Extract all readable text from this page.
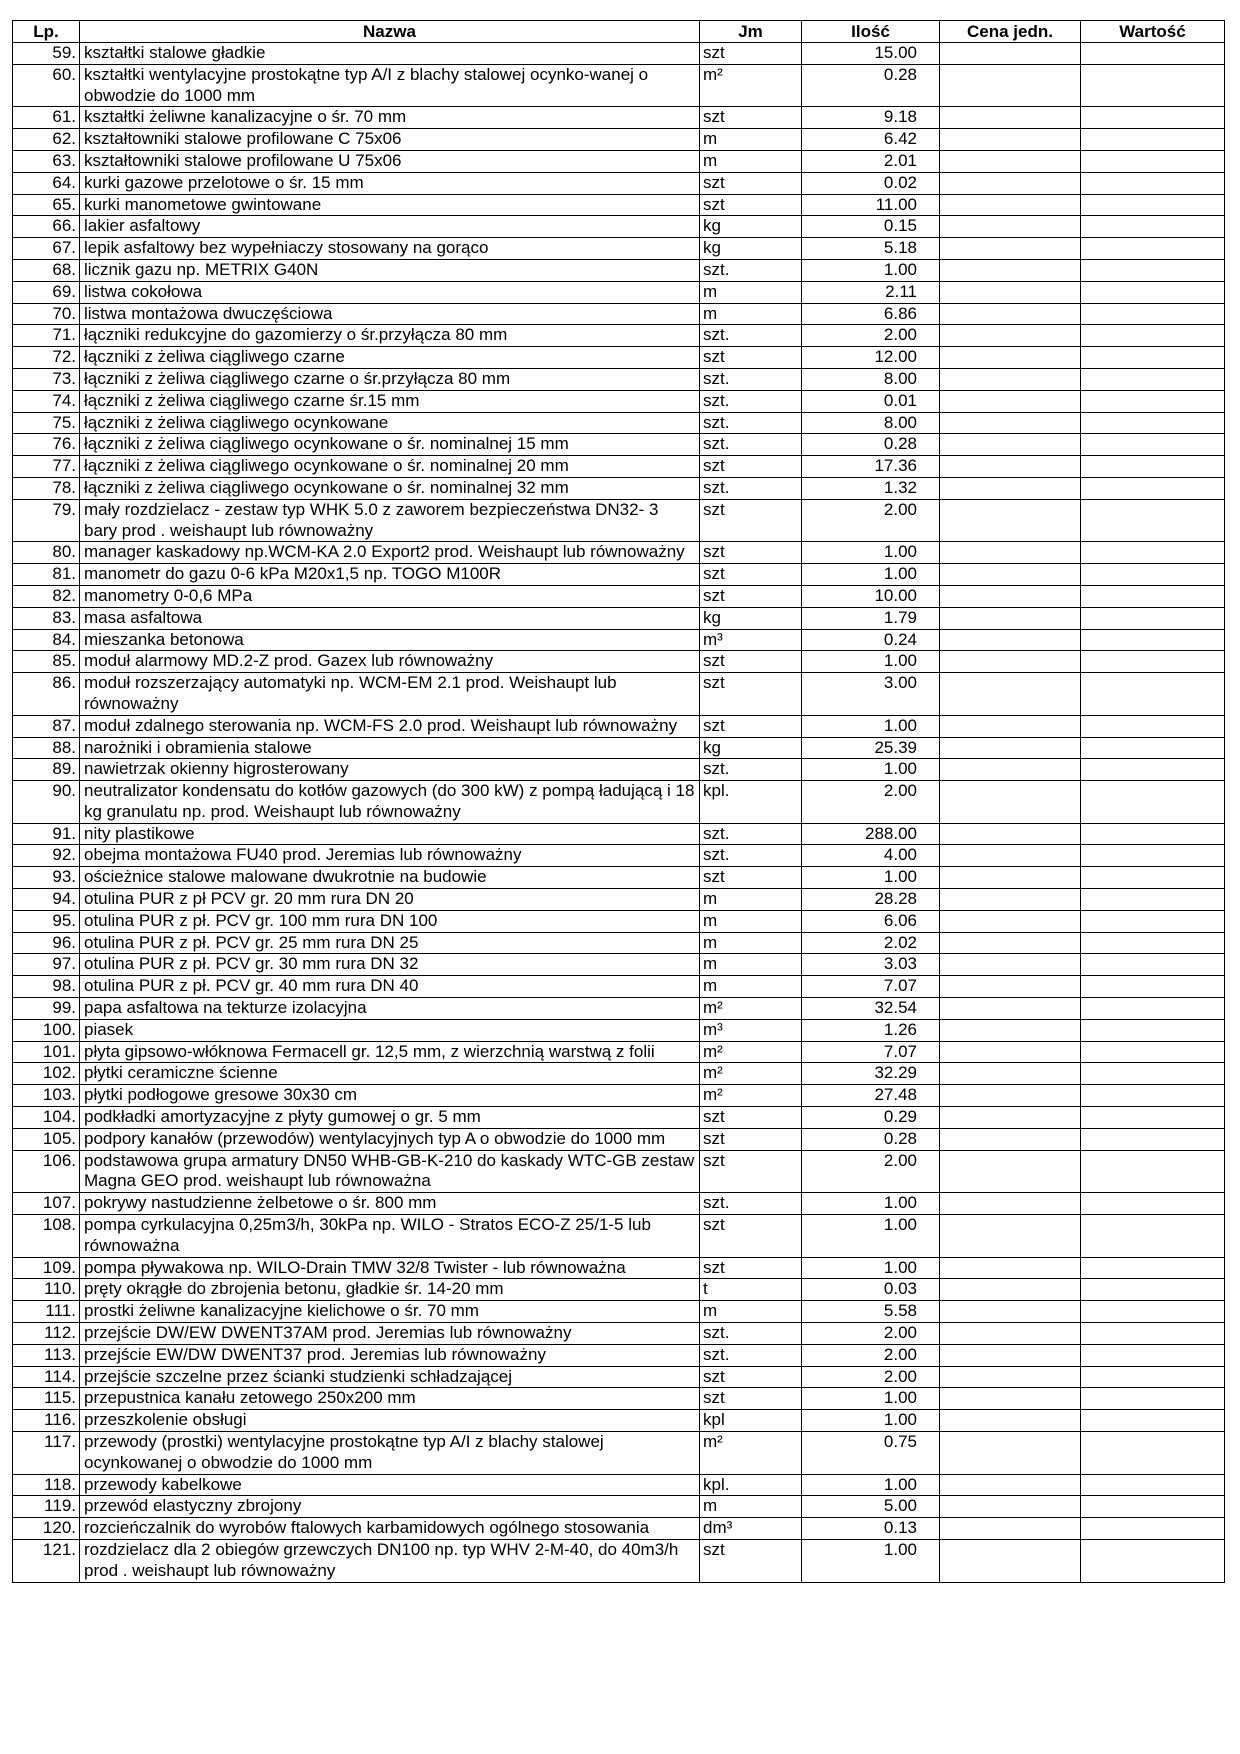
Lp.	Nazwa	Jm	Ilość	Cena jedn.	Wartość
59.	kształtki stalowe gładkie	szt	15.00		
60.	kształtki wentylacyjne prostokątne typ A/I z blachy stalowej ocynko-wanej o obwodzie do 1000 mm	m²	0.28		
61.	kształtki żeliwne kanalizacyjne o śr. 70 mm	szt	9.18		
62.	kształtowniki stalowe profilowane C 75x06	m	6.42		
63.	kształtowniki stalowe profilowane U 75x06	m	2.01		
64.	kurki gazowe przelotowe o śr. 15 mm	szt	0.02		
65.	kurki manometowe gwintowane	szt	11.00		
66.	lakier asfaltowy	kg	0.15		
67.	lepik asfaltowy bez wypełniaczy stosowany na gorąco	kg	5.18		
68.	licznik gazu np. METRIX G40N	szt.	1.00		
69.	listwa cokołowa	m	2.11		
70.	listwa montażowa dwuczęściowa	m	6.86		
71.	łączniki redukcyjne do gazomierzy o śr.przyłącza 80 mm	szt.	2.00		
72.	łączniki z żeliwa ciągliwego czarne	szt	12.00		
73.	łączniki z żeliwa ciągliwego czarne o śr.przyłącza 80 mm	szt.	8.00		
74.	łączniki z żeliwa ciągliwego czarne śr.15 mm	szt.	0.01		
75.	łączniki z żeliwa ciągliwego ocynkowane	szt.	8.00		
76.	łączniki z żeliwa ciągliwego ocynkowane o śr. nominalnej 15 mm	szt.	0.28		
77.	łączniki z żeliwa ciągliwego ocynkowane o śr. nominalnej 20 mm	szt	17.36		
78.	łączniki z żeliwa ciągliwego ocynkowane o śr. nominalnej 32 mm	szt.	1.32		
79.	mały rozdzielacz - zestaw typ WHK 5.0 z zaworem bezpieczeństwa DN32- 3 bary prod . weishaupt lub równoważny	szt	2.00		
80.	manager kaskadowy np.WCM-KA 2.0 Export2 prod. Weishaupt lub równoważny	szt	1.00		
81.	manometr do gazu 0-6 kPa M20x1,5 np. TOGO M100R	szt	1.00		
82.	manometry 0-0,6 MPa	szt	10.00		
83.	masa asfaltowa	kg	1.79		
84.	mieszanka betonowa	m³	0.24		
85.	moduł alarmowy MD.2-Z prod. Gazex lub równoważny	szt	1.00		
86.	moduł rozszerzający automatyki np. WCM-EM 2.1 prod. Weishaupt lub równoważny	szt	3.00		
87.	moduł zdalnego sterowania np. WCM-FS 2.0 prod. Weishaupt lub równoważny	szt	1.00		
88.	narożniki i obramienia stalowe	kg	25.39		
89.	nawietrzak okienny higrosterowany	szt.	1.00		
90.	neutralizator kondensatu do kotłów gazowych (do 300 kW) z pompą ładującą i 18 kg granulatu np. prod. Weishaupt lub równoważny	kpl.	2.00		
91.	nity plastikowe	szt.	288.00		
92.	obejma montażowa FU40 prod. Jeremias lub równoważny	szt.	4.00		
93.	ościeżnice stalowe malowane dwukrotnie na budowie	szt	1.00		
94.	otulina PUR z pł PCV gr. 20 mm rura DN 20	m	28.28		
95.	otulina PUR z pł. PCV gr. 100 mm rura DN 100	m	6.06		
96.	otulina PUR z pł. PCV gr. 25 mm rura DN 25	m	2.02		
97.	otulina PUR z pł. PCV gr. 30 mm rura DN 32	m	3.03		
98.	otulina PUR z pł. PCV gr. 40 mm rura DN 40	m	7.07		
99.	papa asfaltowa na tekturze izolacyjna	m²	32.54		
100.	piasek	m³	1.26		
101.	płyta gipsowo-włóknowa Fermacell gr. 12,5 mm, z wierzchnią warstwą z folii	m²	7.07		
102.	płytki ceramiczne ścienne	m²	32.29		
103.	płytki podłogowe gresowe 30x30 cm	m²	27.48		
104.	podkładki amortyzacyjne z płyty gumowej o gr. 5 mm	szt	0.29		
105.	podpory kanałów (przewodów) wentylacyjnych typ A o obwodzie do 1000 mm	szt	0.28		
106.	podstawowa grupa armatury DN50 WHB-GB-K-210 do kaskady WTC-GB zestaw Magna GEO prod. weishaupt lub równoważna	szt	2.00		
107.	pokrywy nastudzienne żelbetowe o śr. 800 mm	szt.	1.00		
108.	pompa cyrkulacyjna 0,25m3/h, 30kPa np. WILO - Stratos ECO-Z 25/1-5 lub równoważna	szt	1.00		
109.	pompa pływakowa np. WILO-Drain TMW 32/8 Twister - lub równoważna	szt	1.00		
110.	pręty okrągłe do zbrojenia betonu, gładkie śr. 14-20 mm	t	0.03		
111.	prostki żeliwne kanalizacyjne kielichowe o śr. 70 mm	m	5.58		
112.	przejście DW/EW DWENT37AM prod. Jeremias lub równoważny	szt.	2.00		
113.	przejście EW/DW DWENT37 prod. Jeremias lub równoważny	szt.	2.00		
114.	przejście szczelne przez ścianki studzienki schładzającej	szt	2.00		
115.	przepustnica kanału zetowego 250x200 mm	szt	1.00		
116.	przeszkolenie obsługi	kpl	1.00		
117.	przewody (prostki) wentylacyjne prostokątne typ A/I z blachy stalowej ocynkowanej o obwodzie do 1000 mm	m²	0.75		
118.	przewody kabelkowe	kpl.	1.00		
119.	przewód elastyczny zbrojony	m	5.00		
120.	rozcieńczalnik do wyrobów ftalowych karbamidowych ogólnego stosowania	dm³	0.13		
121.	rozdzielacz dla 2 obiegów grzewczych DN100 np. typ WHV 2-M-40, do 40m3/h prod . weishaupt lub równoważny	szt	1.00		
